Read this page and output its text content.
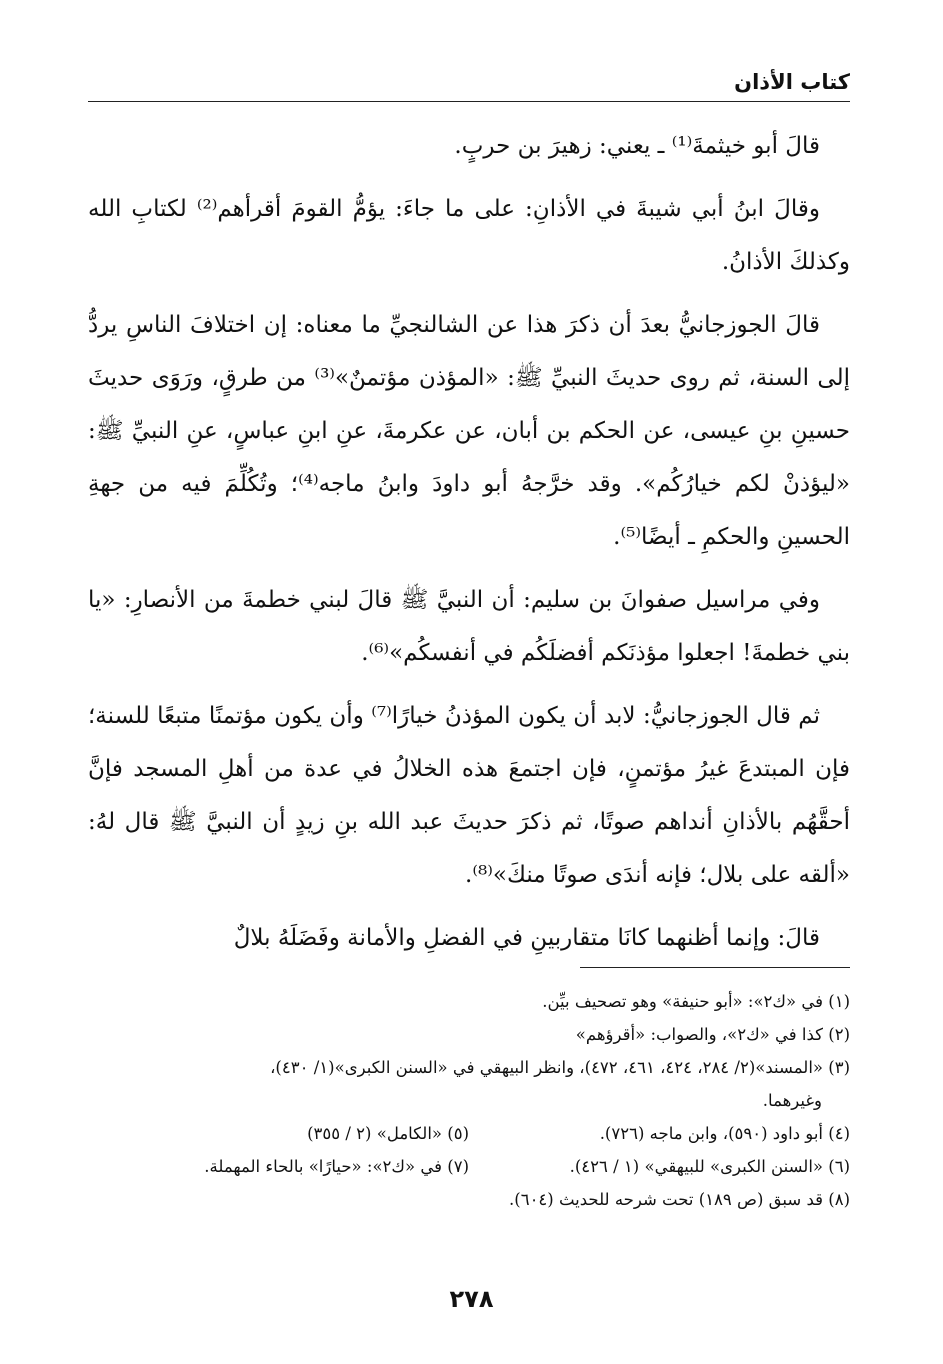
كتاب الأذان

قالَ أبو خيثمةَ⁽¹⁾ ـ يعني: زهيرَ بن حربٍ.

وقالَ ابنُ أبي شيبةَ في الأذانِ: على ما جاءَ: يؤمُّ القومَ أقرأهم⁽²⁾ لكتابِ الله وكذلكَ الأذانُ.

قالَ الجوزجانيُّ بعدَ أن ذكرَ هذا عن الشالنجيِّ ما معناه: إن اختلافَ الناسِ يردُّ إلى السنة، ثم روى حديثَ النبيِّ ﷺ: «المؤذن مؤتمنٌ»⁽³⁾ من طرقٍ، ورَوَى حديثَ حسينِ بنِ عيسى، عن الحكم بن أبان، عن عكرمةَ، عنِ ابنِ عباسٍ، عنِ النبيِّ ﷺ: «ليؤذنْ لكم خيارُكُم». وقد خرَّجهُ أبو داودَ وابنُ ماجه⁽⁴⁾؛ وتُكُلِّمَ فيه من جهةِ الحسينِ والحكمِ ـ أيضًا⁽⁵⁾.

وفي مراسيل صفوانَ بن سليم: أن النبيَّ ﷺ قالَ لبني خطمةَ من الأنصارِ: «يا بني خطمةَ! اجعلوا مؤذنَكم أفضلَكُم في أنفسكُم»⁽⁶⁾.

ثم قال الجوزجانيُّ: لابد أن يكون المؤذنُ خيارًا⁽⁷⁾ وأن يكون مؤتمنًا متبعًا للسنة؛ فإن المبتدعَ غيرُ مؤتمنٍ، فإن اجتمعَ هذه الخلالُ في عدة من أهلِ المسجد فإنَّ أحقَّهُم بالأذانِ أنداهم صوتًا، ثم ذكرَ حديثَ عبد الله بنِ زيدٍ أن النبيَّ ﷺ قال لهُ: «ألقه على بلال؛ فإنه أندَى صوتًا منكَ»⁽⁸⁾.

قالَ: وإنما أظنهما كانَا متقاربينِ في الفضلِ والأمانة وفَضَلَهُ بلالٌ

(١) في «ك٢»: «أبو حنيفة» وهو تصحيف بيِّن.
(٢) كذا في «ك٢»، والصواب: «أقرؤهم»
(٣) «المسند»(٢/ ٢٨٤، ٤٢٤، ٤٦١، ٤٧٢)، وانظر البيهقي في «السنن الكبرى»(١/ ٤٣٠)،
وغيرهما.
(٤) أبو داود (٥٩٠)، وابن ماجه (٧٢٦).
(٥) «الكامل» (٢ / ٣٥٥)
(٦) «السنن الكبرى» للبيهقي» (١ / ٤٢٦).
(٧) في «ك٢»: «حيارًا» بالحاء المهملة.
(٨) قد سبق (ص ١٨٩) تحت شرحه للحديث (٦٠٤).
٢٧٨
